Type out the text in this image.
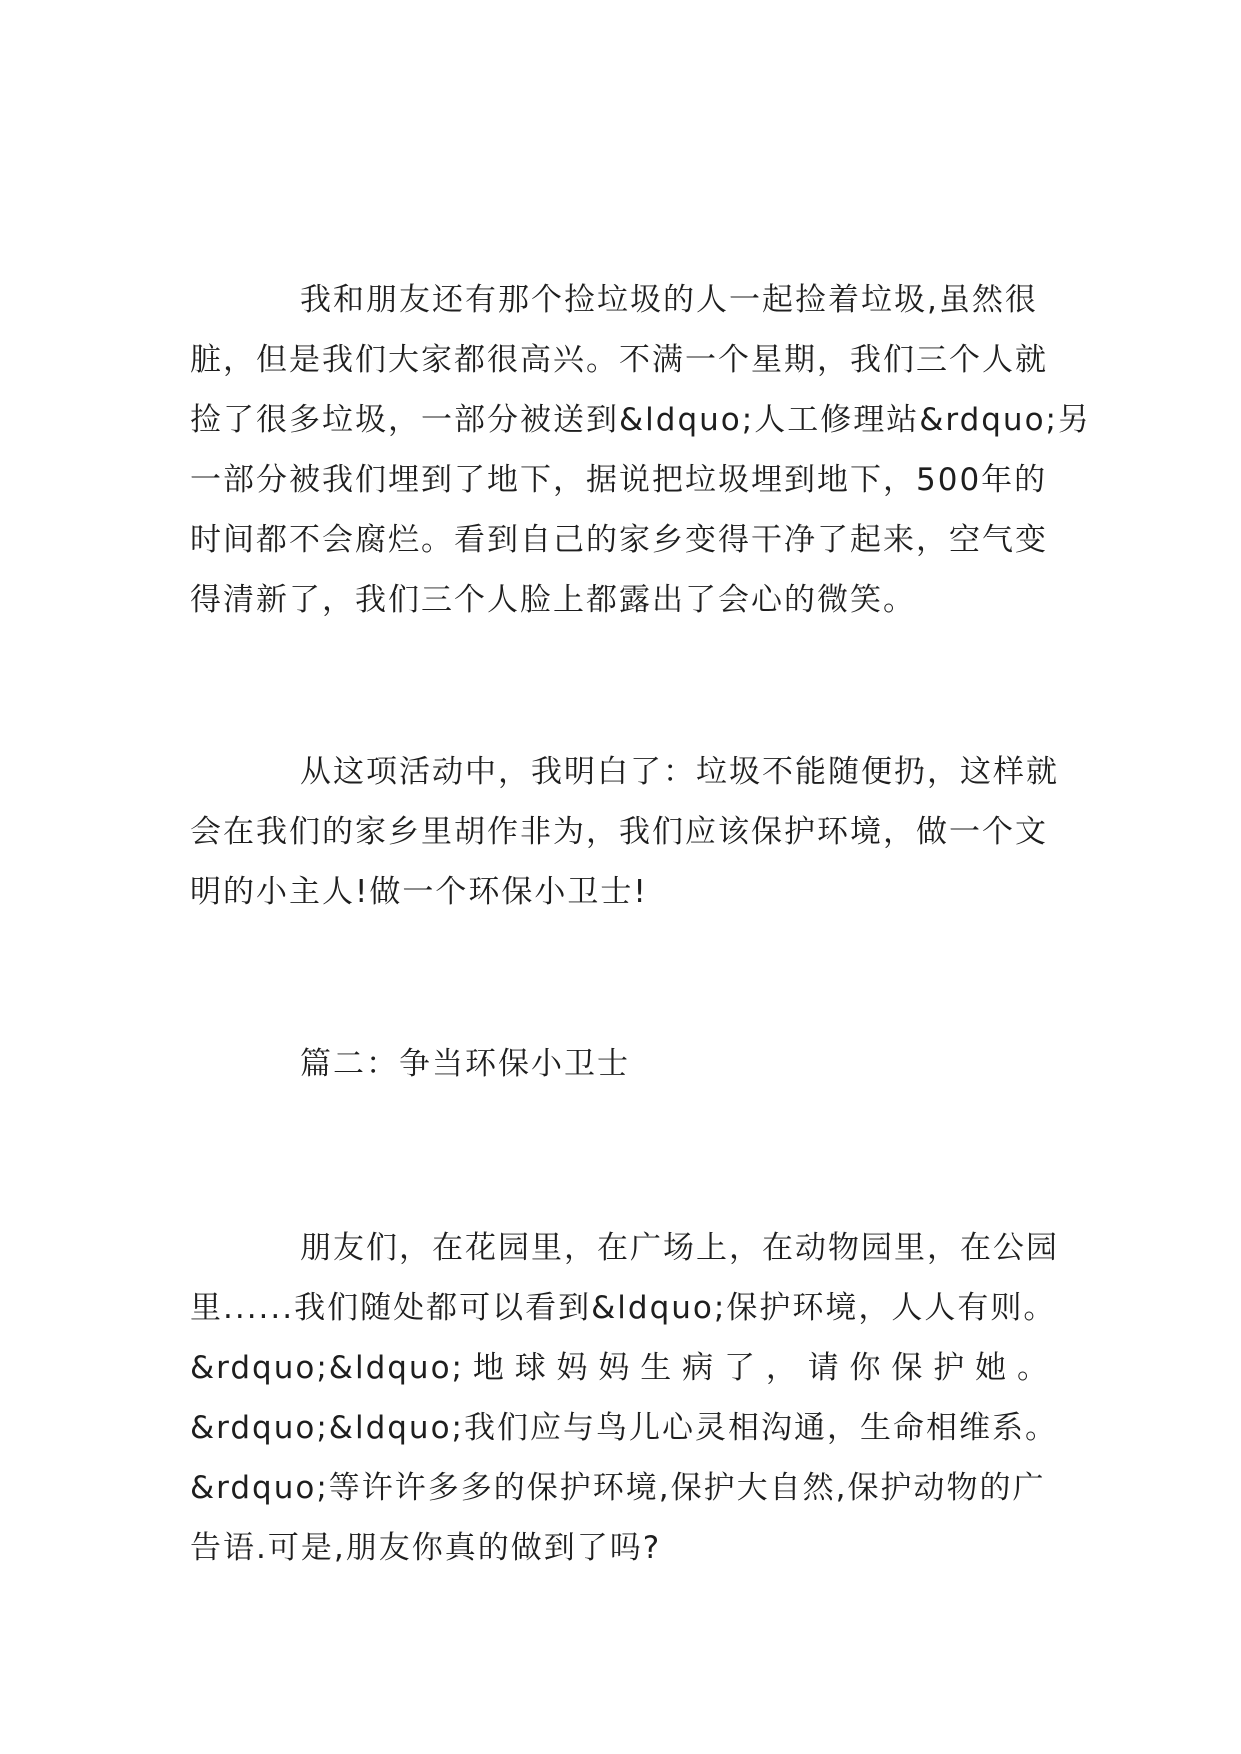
我和朋友还有那个捡垃圾的人一起捡着垃圾,虽然很
脏，但是我们大家都很高兴。不满一个星期，我们三个人就
捡了很多垃圾，一部分被送到&ldquo;人工修理站&rdquo;另
一部分被我们埋到了地下，据说把垃圾埋到地下，500年的
时间都不会腐烂。看到自己的家乡变得干净了起来，空气变
得清新了，我们三个人脸上都露出了会心的微笑。

从这项活动中，我明白了：垃圾不能随便扔，这样就
会在我们的家乡里胡作非为，我们应该保护环境，做一个文
明的小主人!做一个环保小卫士!

篇二：争当环保小卫士

朋友们，在花园里，在广场上，在动物园里，在公园
里......我们随处都可以看到&ldquo;保护环境，人人有则。
&rdquo;&ldquo;地球妈妈生病了，请你保护她。
&rdquo;&ldquo;我们应与鸟儿心灵相沟通，生命相维系。
&rdquo;等许许多多的保护环境,保护大自然,保护动物的广
告语.可是,朋友你真的做到了吗?
